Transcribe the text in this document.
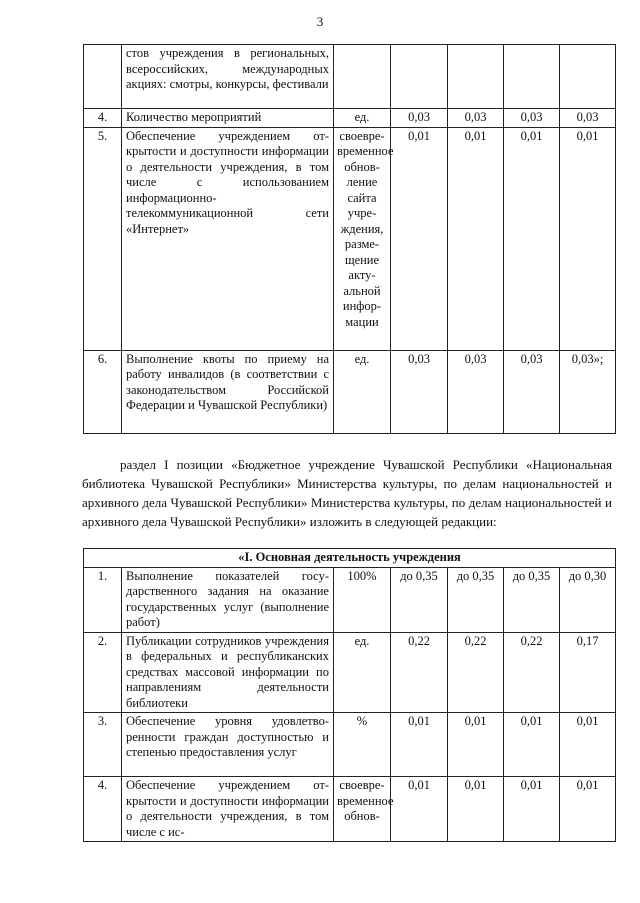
3
	стов учреждения в региональных, всероссийских, международных акциях: смотры, конкурсы, фестивали					
4.	Количество мероприятий	ед.	0,03	0,03	0,03	0,03
5.	Обеспечение учреждением открытости и доступности информации о деятельности учреждения, в том числе с использованием информационно-телекоммуникационной сети «Интернет»	своевревременное обновление сайта учреждения, размещение актуальной информации	0,01	0,01	0,01	0,01
6.	Выполнение квоты по приему на работу инвалидов (в соответствии с законодательством Российской Федерации и Чувашской Республики)	ед.	0,03	0,03	0,03	0,03»;

раздел I позиции «Бюджетное учреждение Чувашской Республики «Национальная библиотека Чувашской Республики» Министерства культуры, по делам национальностей и архивного дела Чувашской Республики» Министерства культуры, по делам национальностей и архивного дела Чувашской Республики» изложить в следующей редакции:

«I. Основная деятельность учреждения						
1.	Выполнение показателей государственного задания на оказание государственных услуг (выполнение работ)	100%	до 0,35	до 0,35	до 0,35	до 0,30
2.	Публикации сотрудников учреждения в федеральных и республиканских средствах массовой информации по направлениям деятельности библиотеки	ед.	0,22	0,22	0,22	0,17
3.	Обеспечение уровня удовлетворенности граждан доступностью и степенью предоставления услуг	%	0,01	0,01	0,01	0,01
4.	Обеспечение учреждением открытости и доступности информации о деятельности учреждения, в том числе с ис-	своевревременное обнов-	0,01	0,01	0,01	0,01
